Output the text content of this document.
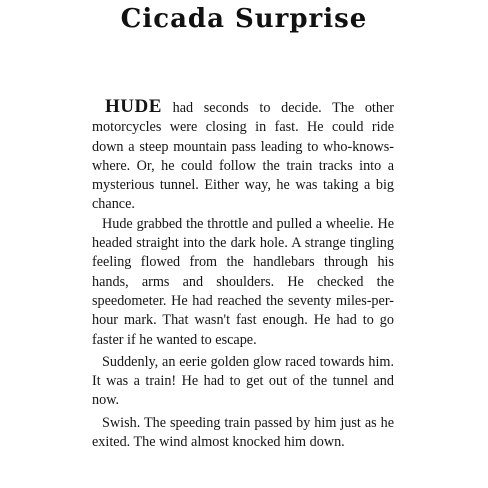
Cicada Surprise

HUDE had seconds to decide. The other motorcycles were closing in fast. He could ride down a steep mountain pass leading to who-knows-where. Or, he could follow the train tracks into a mysterious tunnel. Either way, he was taking a big chance.

Hude grabbed the throttle and pulled a wheelie. He headed straight into the dark hole. A strange tingling feeling flowed from the handlebars through his hands, arms and shoulders. He checked the speedometer. He had reached the seventy miles-per-hour mark. That wasn't fast enough. He had to go faster if he wanted to escape.

Suddenly, an eerie golden glow raced towards him. It was a train! He had to get out of the tunnel and now.

Swish. The speeding train passed by him just as he exited. The wind almost knocked him down.
